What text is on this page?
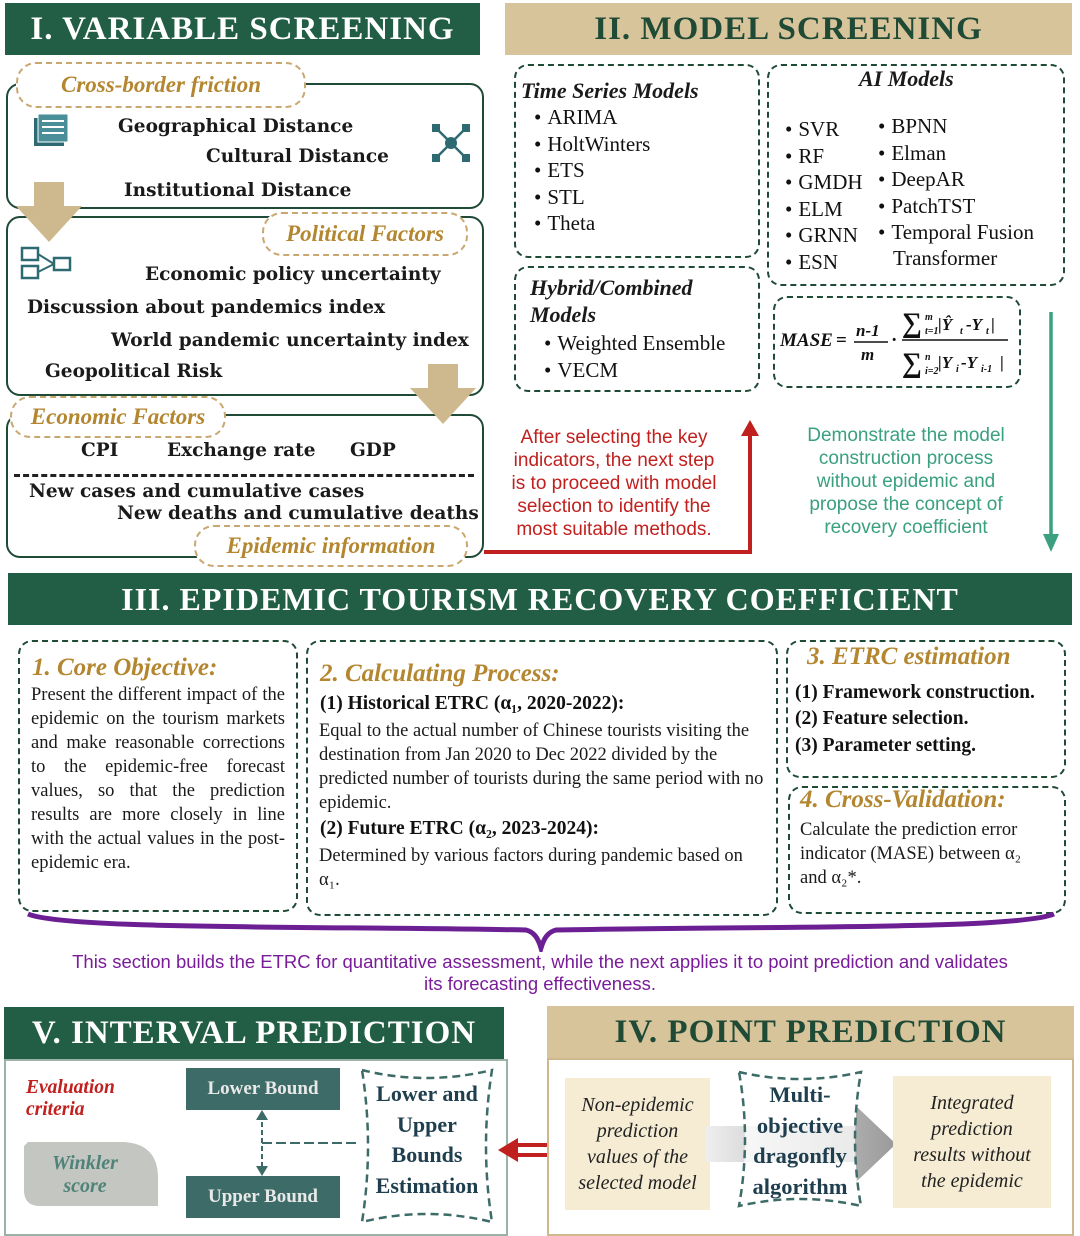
I. VARIABLE SCREENING
Cross-border friction
Geographical Distance
Cultural Distance
Institutional Distance
Political Factors
Economic policy uncertainty
Discussion about pandemics index
World pandemic uncertainty index
Geopolitical Risk
Economic Factors
CPI	Exchange rate GDP
New cases and cumulative cases
New deaths and cumulative deaths
Epidemic information
II. MODEL SCREENING
Time Series Models
• ARIMA
• HoltWinters
• ETS
• STL
• Theta
Hybrid/Combined
Models
• Weighted Ensemble
• VECM
AI Models
• SVR
• RF
• GMDH
• ELM
• GRNN
• ESN
• BPNN
• Elman
• DeepAR
• PatchTST
• Temporal Fusion
Transformer
MASE = n-1
m
·
∑ m
t=1 |Ŷ t -Y t |
∑ n
i=2 |Y i -Y i-1 |
After selecting the key
indicators, the next step
is to proceed with model
selection to identify the
most suitable methods.
Demonstrate the model
construction process
without epidemic and
propose the concept of
recovery coefficient
III. EPIDEMIC TOURISM RECOVERY COEFFICIENT
1. Core Objective:
Present the different impact of the epidemic on the tourism markets and make reasonable corrections to the epidemic-free forecast values, so that the prediction results are more closely in line with the actual values in the post-epidemic era.
2. Calculating Process:
(1) Historical ETRC (α₁, 2020-2022):
Equal to the actual number of Chinese tourists visiting the destination from Jan 2020 to Dec 2022 divided by the predicted number of tourists during the same period with no epidemic.
(2) Future ETRC (α₂, 2023-2024):
Determined by various factors during pandemic based on α₁.
3. ETRC estimation
(1) Framework construction.
(2) Feature selection.
(3) Parameter setting.
4. Cross-Validation:
Calculate the prediction error
indicator (MASE) between α₂
and α₂*.
This section builds the ETRC for quantitative assessment, while the next applies it to point prediction and validates
its forecasting effectiveness.
V. INTERVAL PREDICTION
Evaluation
criteria
Winkler
score
Lower Bound
Upper Bound
Lower and
Upper
Bounds
Estimation
IV. POINT PREDICTION
Non-epidemic
prediction
values of the
selected model
Multi-
objective
dragonfly
algorithm
Integrated
prediction
results without
the epidemic
